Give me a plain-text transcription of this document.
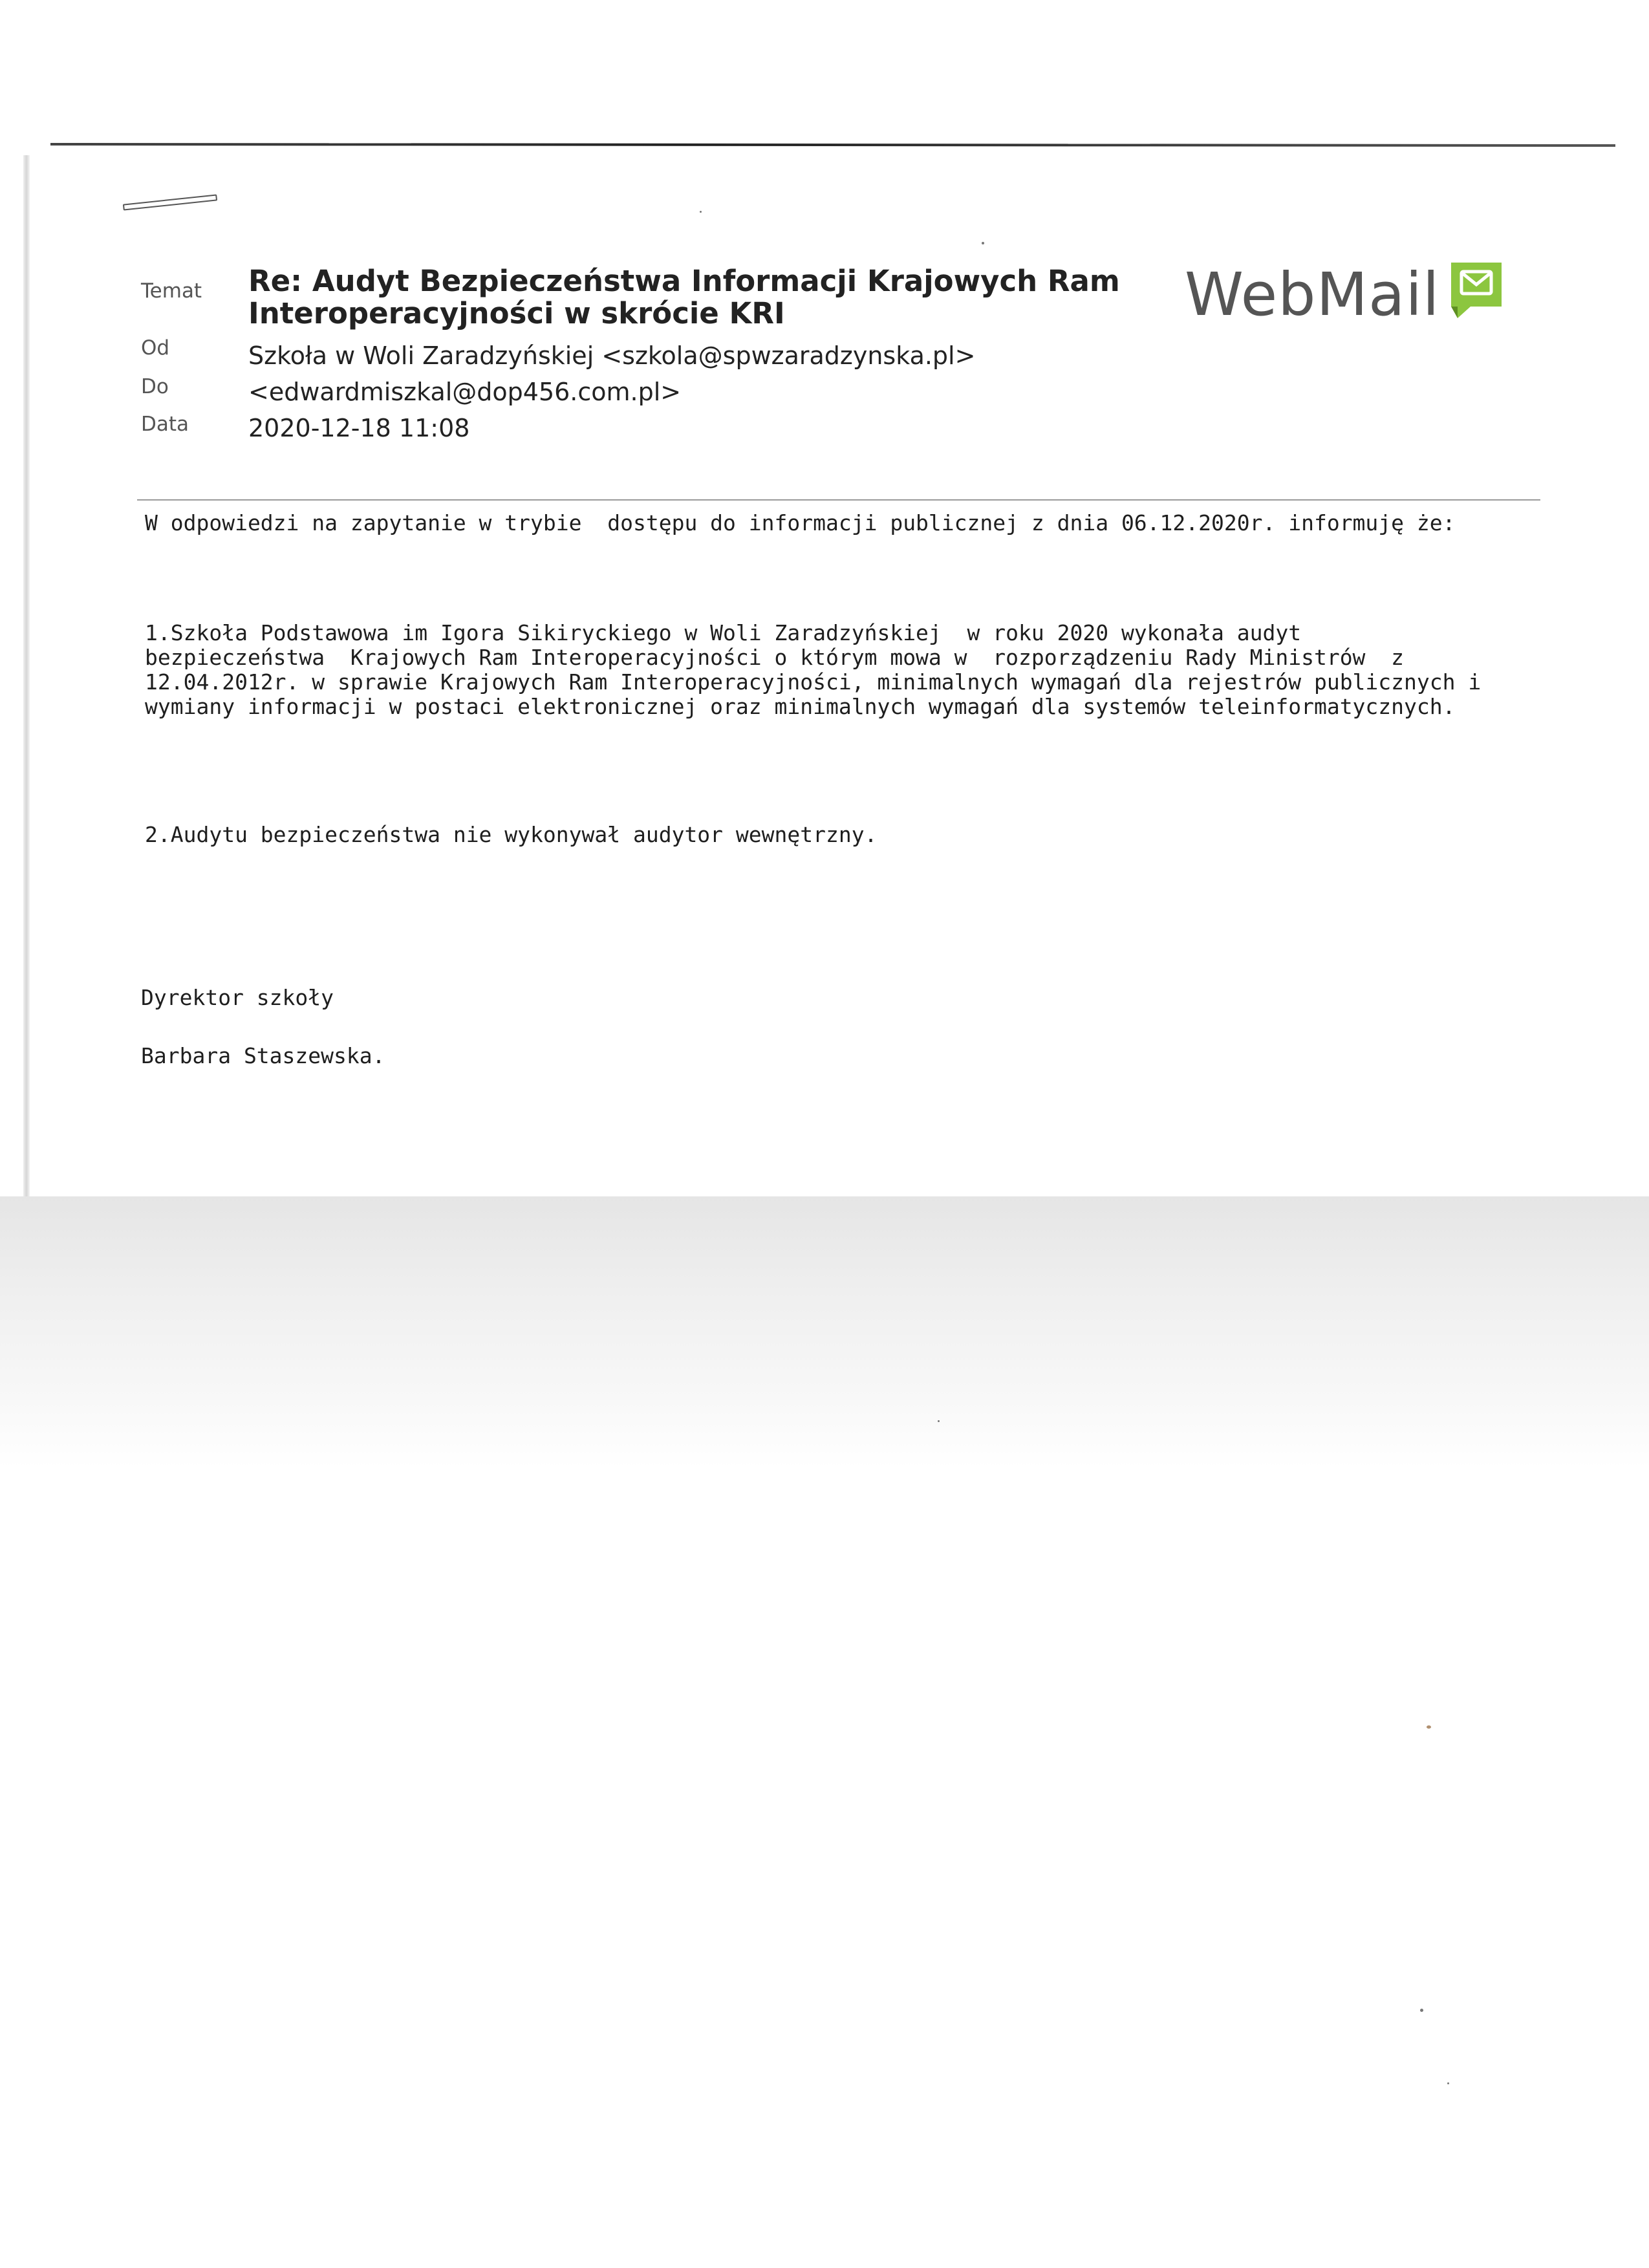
Temat Re: Audyt Bezpieczeństwa Informacji Krajowych Ram Interoperacyjności w skrócie KRI
Od	Szkoła w Woli Zaradzyńskiej <szkola@spwzaradzynska.pl>
Do	<edwardmiszkal@dop456.com.pl>
Data 2020-12-18 11:08
WebMail
W odpowiedzi na zapytanie w trybie  dostępu do informacji publicznej z dnia 06.12.2020r. informuję że:
1.Szkoła Podstawowa im Igora Sikiryckiego w Woli Zaradzyńskiej  w roku 2020 wykonała audyt
bezpieczeństwa  Krajowych Ram Interoperacyjności o którym mowa w  rozporządzeniu Rady Ministrów  z
12.04.2012r. w sprawie Krajowych Ram Interoperacyjności, minimalnych wymagań dla rejestrów publicznych i
wymiany informacji w postaci elektronicznej oraz minimalnych wymagań dla systemów teleinformatycznych.
2.Audytu bezpieczeństwa nie wykonywał audytor wewnętrzny.
Dyrektor szkoły
Barbara Staszewska.
